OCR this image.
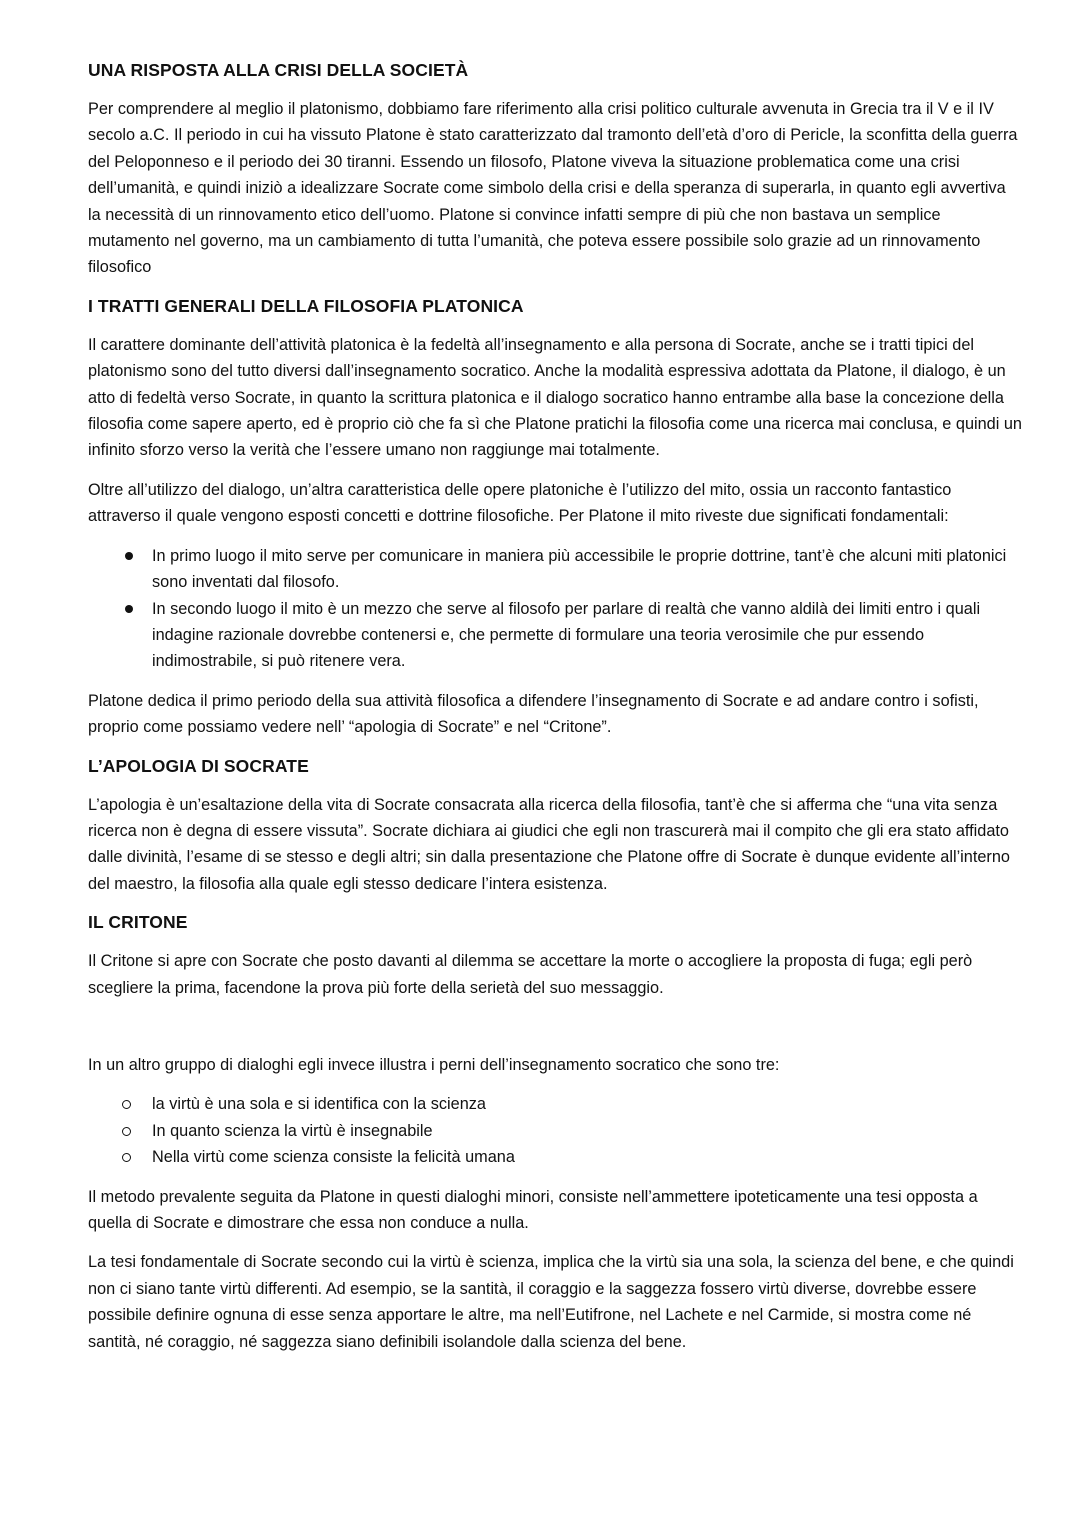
UNA RISPOSTA ALLA CRISI DELLA SOCIETÀ

Per comprendere al meglio il platonismo, dobbiamo fare riferimento alla crisi politico culturale avvenuta in Grecia tra il V e il IV secolo a.C. Il periodo in cui ha vissuto Platone è stato caratterizzato dal tramonto dell’età d’oro di Pericle, la sconfitta della guerra del Peloponneso e il periodo dei 30 tiranni. Essendo un filosofo, Platone viveva la situazione problematica come una crisi dell’umanità, e quindi iniziò a idealizzare Socrate come simbolo della crisi e della speranza di superarla, in quanto egli avvertiva la necessità di un rinnovamento etico dell’uomo. Platone si convince infatti sempre di più che non bastava un semplice mutamento nel governo, ma un cambiamento di tutta l’umanità, che poteva essere possibile solo grazie ad un rinnovamento filosofico

I TRATTI GENERALI DELLA FILOSOFIA PLATONICA

Il carattere dominante dell’attività platonica è la fedeltà all’insegnamento e alla persona di Socrate, anche se i tratti tipici del platonismo sono del tutto diversi dall’insegnamento socratico. Anche la modalità espressiva adottata da Platone, il dialogo, è un atto di fedeltà verso Socrate, in quanto la scrittura platonica e il dialogo socratico hanno entrambe alla base la concezione della filosofia come sapere aperto, ed è proprio ciò che fa sì che Platone pratichi la filosofia come una ricerca mai conclusa, e quindi un infinito sforzo verso la verità che l’essere umano non raggiunge mai totalmente.

Oltre all’utilizzo del dialogo, un’altra caratteristica delle opere platoniche è l’utilizzo del mito, ossia un racconto fantastico attraverso il quale vengono esposti concetti e dottrine filosofiche. Per Platone il mito riveste due significati fondamentali:

In primo luogo il mito serve per comunicare in maniera più accessibile le proprie dottrine, tant’è che alcuni miti platonici sono inventati dal filosofo.
In secondo luogo il mito è un mezzo che serve al filosofo per parlare di realtà che vanno aldilà dei limiti entro i quali indagine razionale dovrebbe contenersi e, che permette di formulare una teoria verosimile che pur essendo indimostrabile, si può ritenere vera.

Platone dedica il primo periodo della sua attività filosofica a difendere l’insegnamento di Socrate e ad andare contro i sofisti, proprio come possiamo vedere nell’ “apologia di Socrate” e nel “Critone”.

L’APOLOGIA DI SOCRATE

L’apologia è un’esaltazione della vita di Socrate consacrata alla ricerca della filosofia, tant’è che si afferma che “una vita senza ricerca non è degna di essere vissuta”. Socrate dichiara ai giudici che egli non trascurerà mai il compito che gli era stato affidato dalle divinità, l’esame di se stesso e degli altri; sin dalla presentazione che Platone offre di Socrate è dunque evidente all’interno del maestro, la filosofia alla quale egli stesso dedicare l’intera esistenza.

IL CRITONE

Il Critone si apre con Socrate che posto davanti al dilemma se accettare la morte o accogliere la proposta di fuga; egli però scegliere la prima, facendone la prova più forte della serietà del suo messaggio.

In un altro gruppo di dialoghi egli invece illustra i perni dell’insegnamento socratico che sono tre:

la virtù è una sola e si identifica con la scienza
In quanto scienza la virtù è insegnabile
Nella virtù come scienza consiste la felicità umana

Il metodo prevalente seguita da Platone in questi dialoghi minori, consiste nell’ammettere ipoteticamente una tesi opposta a quella di Socrate e dimostrare che essa non conduce a nulla.

La tesi fondamentale di Socrate secondo cui la virtù è scienza, implica che la virtù sia una sola, la scienza del bene, e che quindi non ci siano tante virtù differenti. Ad esempio, se la santità, il coraggio e la saggezza fossero virtù diverse, dovrebbe essere possibile definire ognuna di esse senza apportare le altre, ma nell’Eutifrone, nel Lachete e nel Carmide, si mostra come né santità, né coraggio, né saggezza siano definibili isolandole dalla scienza del bene.
